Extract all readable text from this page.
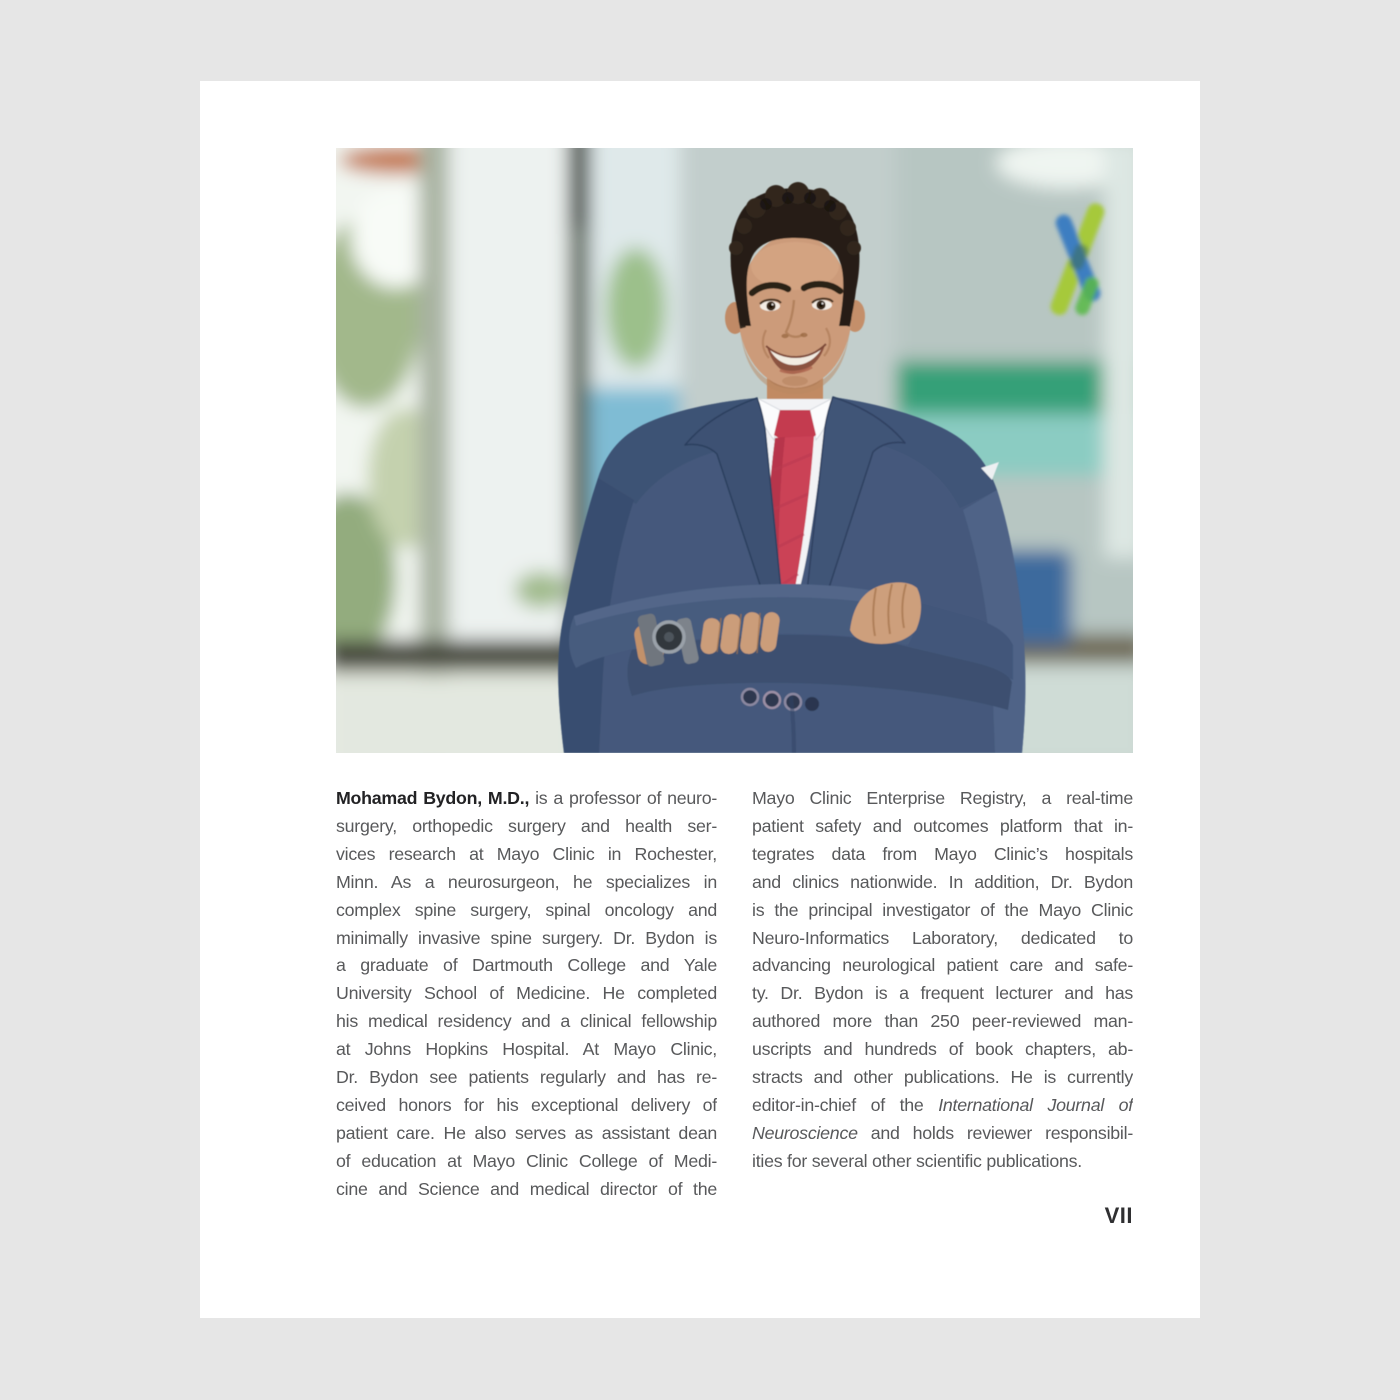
Mohamad Bydon, M.D., is a professor of neuro-
surgery, orthopedic surgery and health ser-
vices research at Mayo Clinic in Rochester,
Minn. As a neurosurgeon, he specializes in
complex spine surgery, spinal oncology and
minimally invasive spine surgery. Dr. Bydon is
a graduate of Dartmouth College and Yale
University School of Medicine. He completed
his medical residency and a clinical fellowship
at Johns Hopkins Hospital. At Mayo Clinic,
Dr. Bydon see patients regularly and has re-
ceived honors for his exceptional delivery of
patient care. He also serves as assistant dean
of education at Mayo Clinic College of Medi-
cine and Science and medical director of the
Mayo Clinic Enterprise Registry, a real-time
patient safety and outcomes platform that in-
tegrates data from Mayo Clinic’s hospitals
and clinics nationwide. In addition, Dr. Bydon
is the principal investigator of the Mayo Clinic
Neuro-Informatics Laboratory, dedicated to
advancing neurological patient care and safe-
ty. Dr. Bydon is a frequent lecturer and has
authored more than 250 peer-reviewed man-
uscripts and hundreds of book chapters, ab-
stracts and other publications. He is currently
editor-in-chief of the International Journal of
Neuroscience and holds reviewer responsibil-
ities for several other scientific publications.
VII
